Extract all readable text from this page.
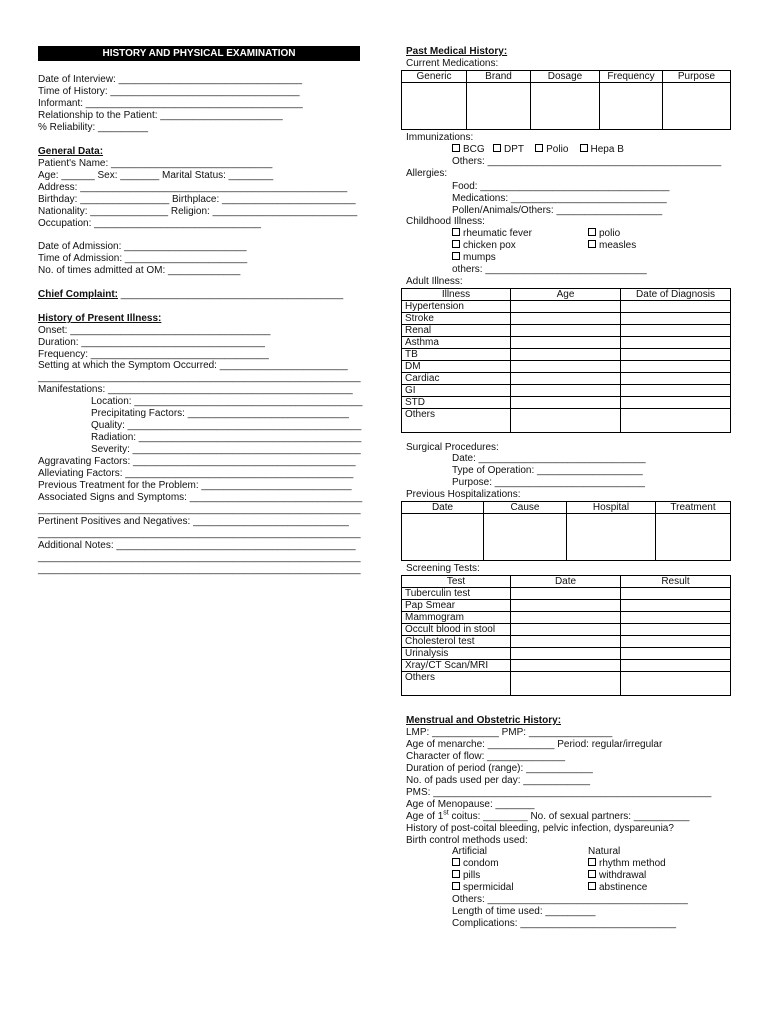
HISTORY AND PHYSICAL EXAMINATION
Date of Interview: _________________________________
Time of History: __________________________________
Informant: _______________________________________
Relationship to the Patient: ______________________
% Reliability: _________
General Data:
Patient's Name: _____________________________
Age: ______ Sex: _______ Marital Status: ________
Address: ________________________________________________
Birthday: ________________ Birthplace: ________________________
Nationality: ______________ Religion: __________________________
Occupation: ______________________________
Date of Admission: ______________________
Time of Admission: ______________________
No. of times admitted at OM: _____________
Chief Complaint: ________________________________________
History of Present Illness:
Onset: ____________________________________
Duration: _________________________________
Frequency: ________________________________
Setting at which the Symptom Occurred: _______________________
__________________________________________________________
Manifestations: ____________________________________________
Location: _________________________________________
Precipitating Factors: _____________________________
Quality: __________________________________________
Radiation: ________________________________________
Severity: _________________________________________
Aggravating Factors: ________________________________________
Alleviating Factors: _________________________________________
Previous Treatment for the Problem: ___________________________
Associated Signs and Symptoms: _______________________________
__________________________________________________________
Pertinent Positives and Negatives: ____________________________
__________________________________________________________
Additional Notes: ___________________________________________
__________________________________________________________
__________________________________________________________
Past Medical History:
Current Medications:
Generic	Brand	Dosage	Frequency	Purpose

Immunizations:
BCG DPT Polio Hepa B
Others: __________________________________________
Allergies:
Food: __________________________________
Medications: ____________________________
Pollen/Animals/Others: ___________________
Childhood Illness:
rheumatic fever
chicken pox
mumps
polio
measles
others: _____________________________
Adult Illness:
Illness	Age	Date of Diagnosis
Hypertension		
Stroke		
Renal		
Asthma		
TB		
DM		
Cardiac		
GI		
STD		
Others		
Surgical Procedures:
Date: ______________________________
Type of Operation: ___________________
Purpose: ___________________________
Previous Hospitalizations:
Date	Cause	Hospital	Treatment

Screening Tests:
Test	Date	Result
Tuberculin test		
Pap Smear		
Mammogram		
Occult blood in stool		
Cholesterol test		
Urinalysis		
Xray/CT Scan/MRI		
Others		
Menstrual and Obstetric History:
LMP: ____________ PMP: _______________
Age of menarche: ____________ Period: regular/irregular
Character of flow: ______________
Duration of period (range): ____________
No. of pads used per day: ____________
PMS: __________________________________________________
Age of Menopause: _______
Age of 1st coitus: ________ No. of sexual partners: __________
History of post-coital bleeding, pelvic infection, dyspareunia?
Birth control methods used:
Artificial	Natural
condom
pills
spermicidal
rhythm method
withdrawal
abstinence
Others: ____________________________________
Length of time used: _________
Complications: ____________________________
